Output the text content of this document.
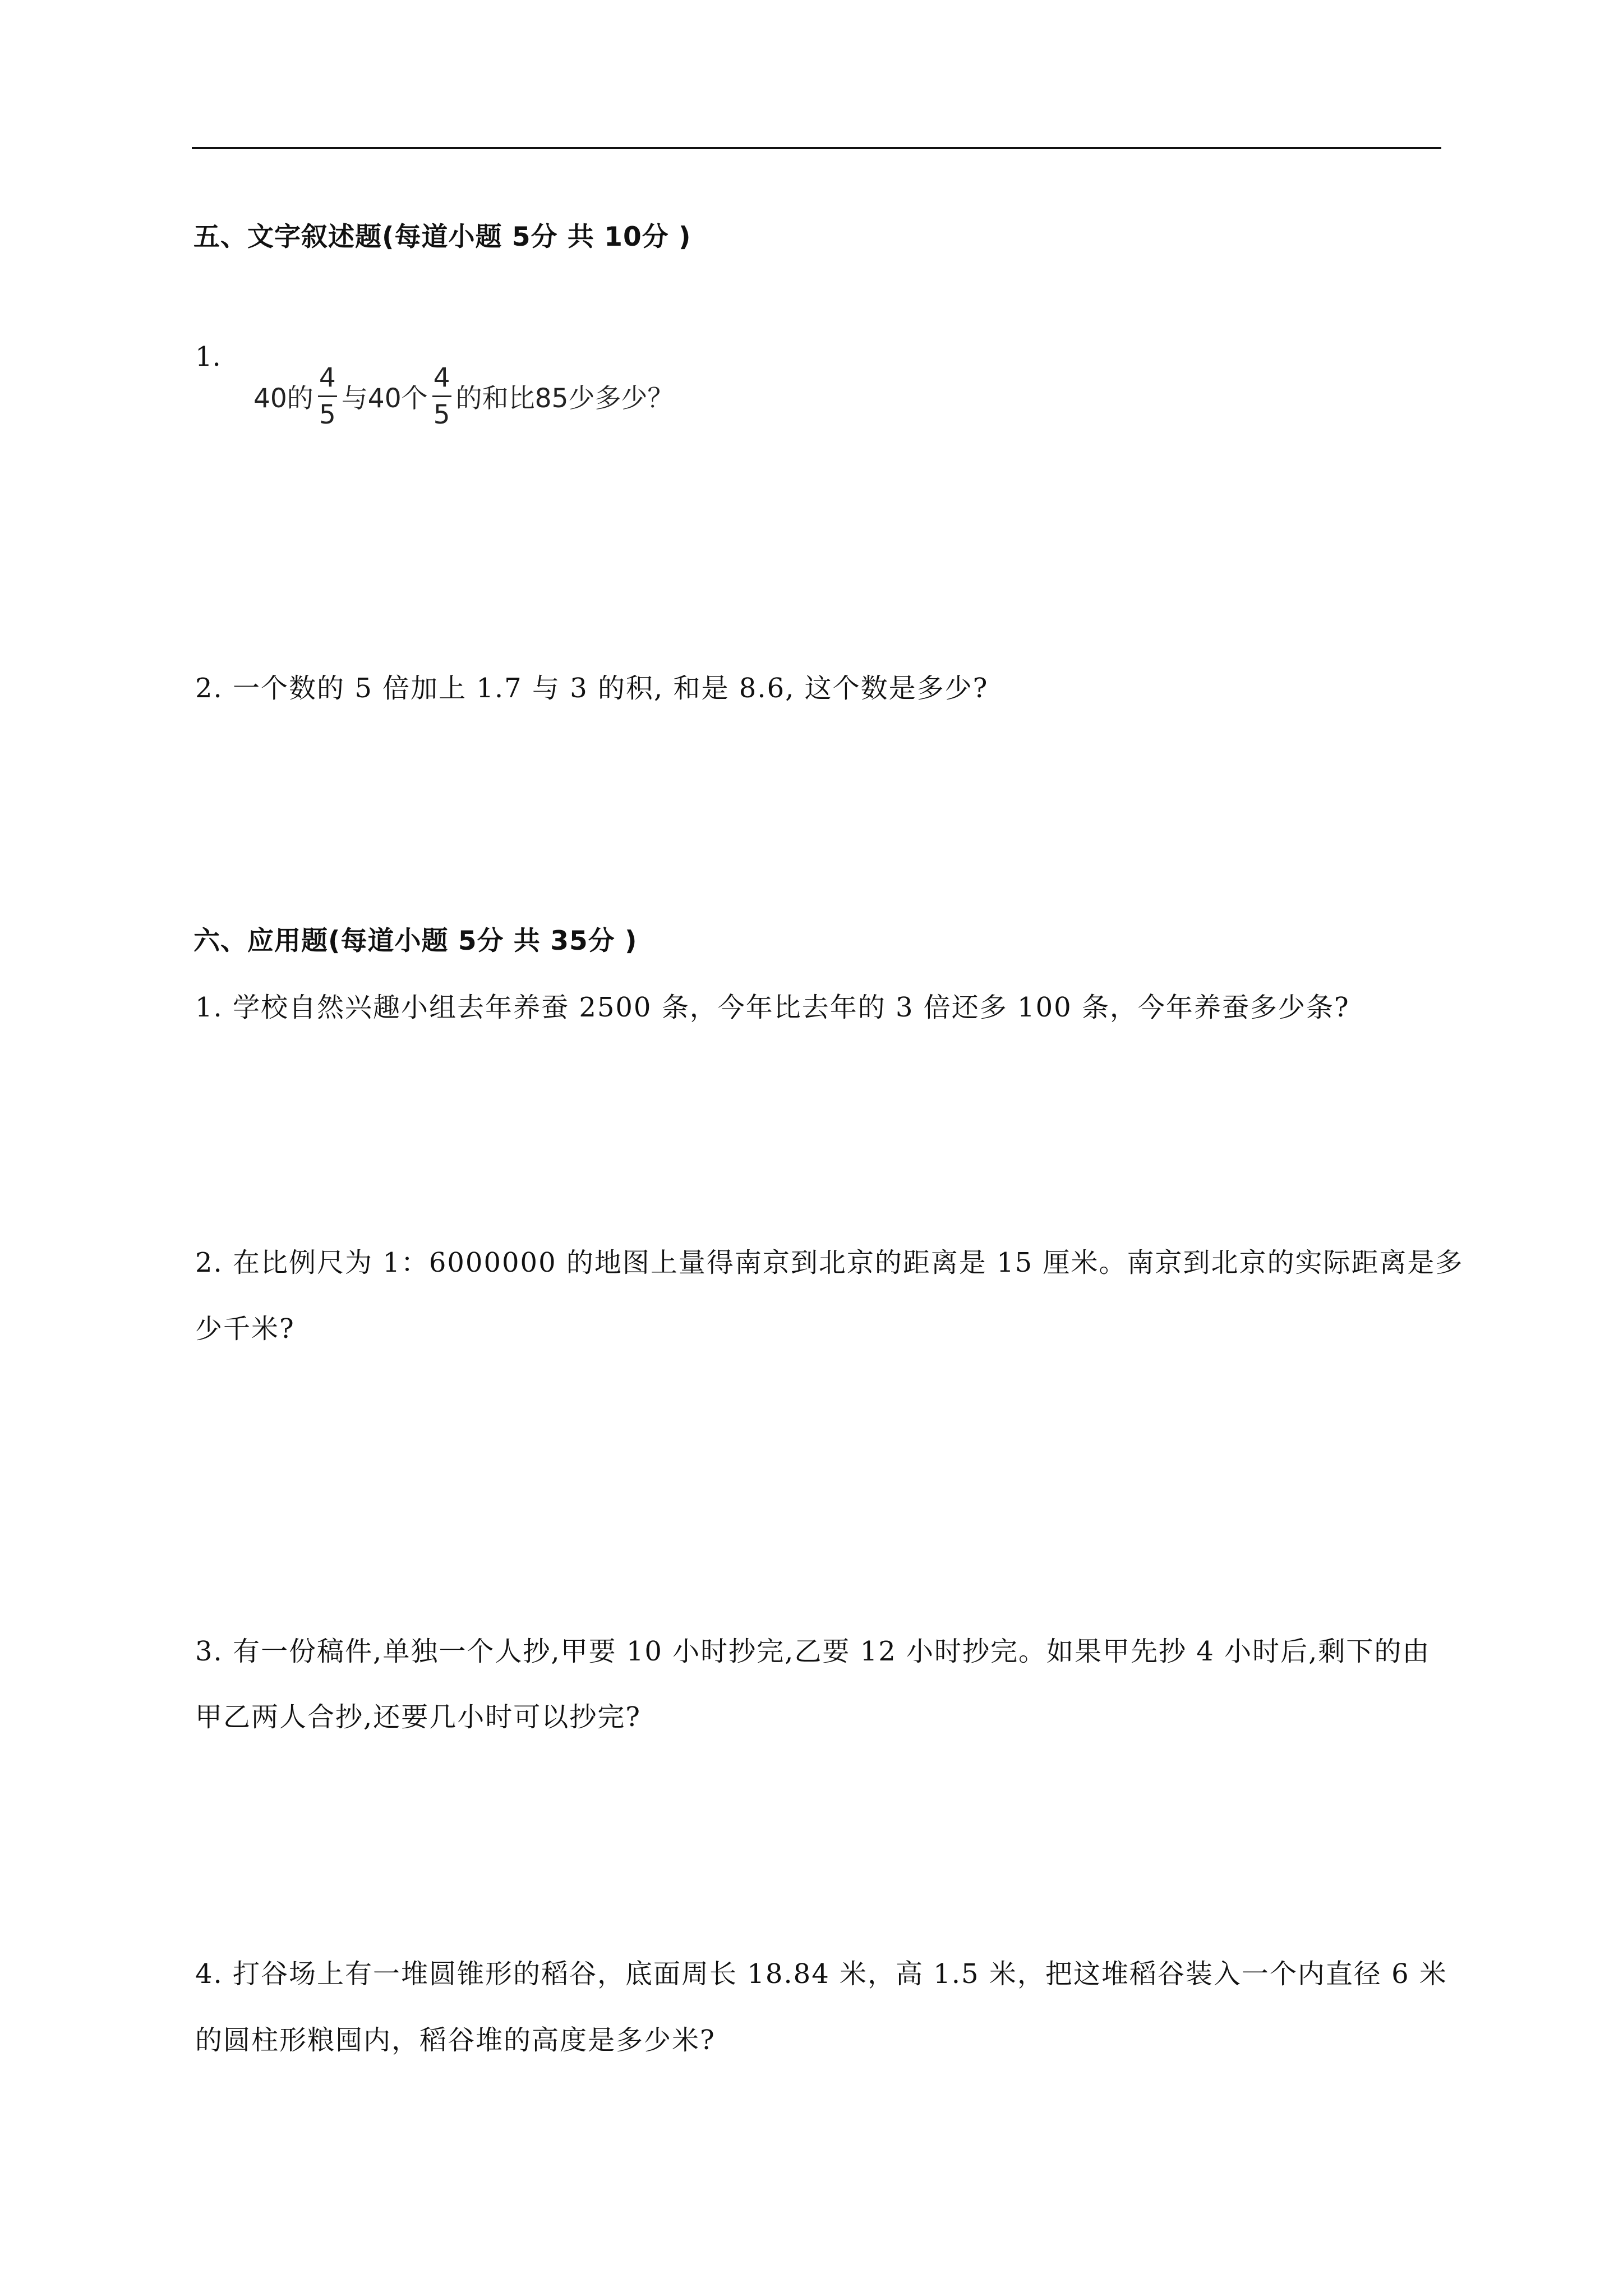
五、文字叙述题(每道小题 5分 共 10分 )
1.
40的 $\frac{4}{5}$ 与40个 $\frac{4}{5}$ 的和比85少多少？
2. 一个数的 5 倍加上 1.7 与 3 的积, 和是 8.6, 这个数是多少?
六、应用题(每道小题 5分 共 35分 )
1. 学校自然兴趣小组去年养蚕 2500 条，今年比去年的 3 倍还多 100 条，今年养蚕多少条?
2. 在比例尺为 1：6000000 的地图上量得南京到北京的距离是 15 厘米。南京到北京的实际距离是多
少千米?
3. 有一份稿件,单独一个人抄,甲要 10 小时抄完,乙要 12 小时抄完。如果甲先抄 4 小时后,剩下的由
甲乙两人合抄,还要几小时可以抄完?
4. 打谷场上有一堆圆锥形的稻谷，底面周长 18.84 米，高 1.5 米，把这堆稻谷装入一个内直径 6 米
的圆柱形粮囤内，稻谷堆的高度是多少米?
